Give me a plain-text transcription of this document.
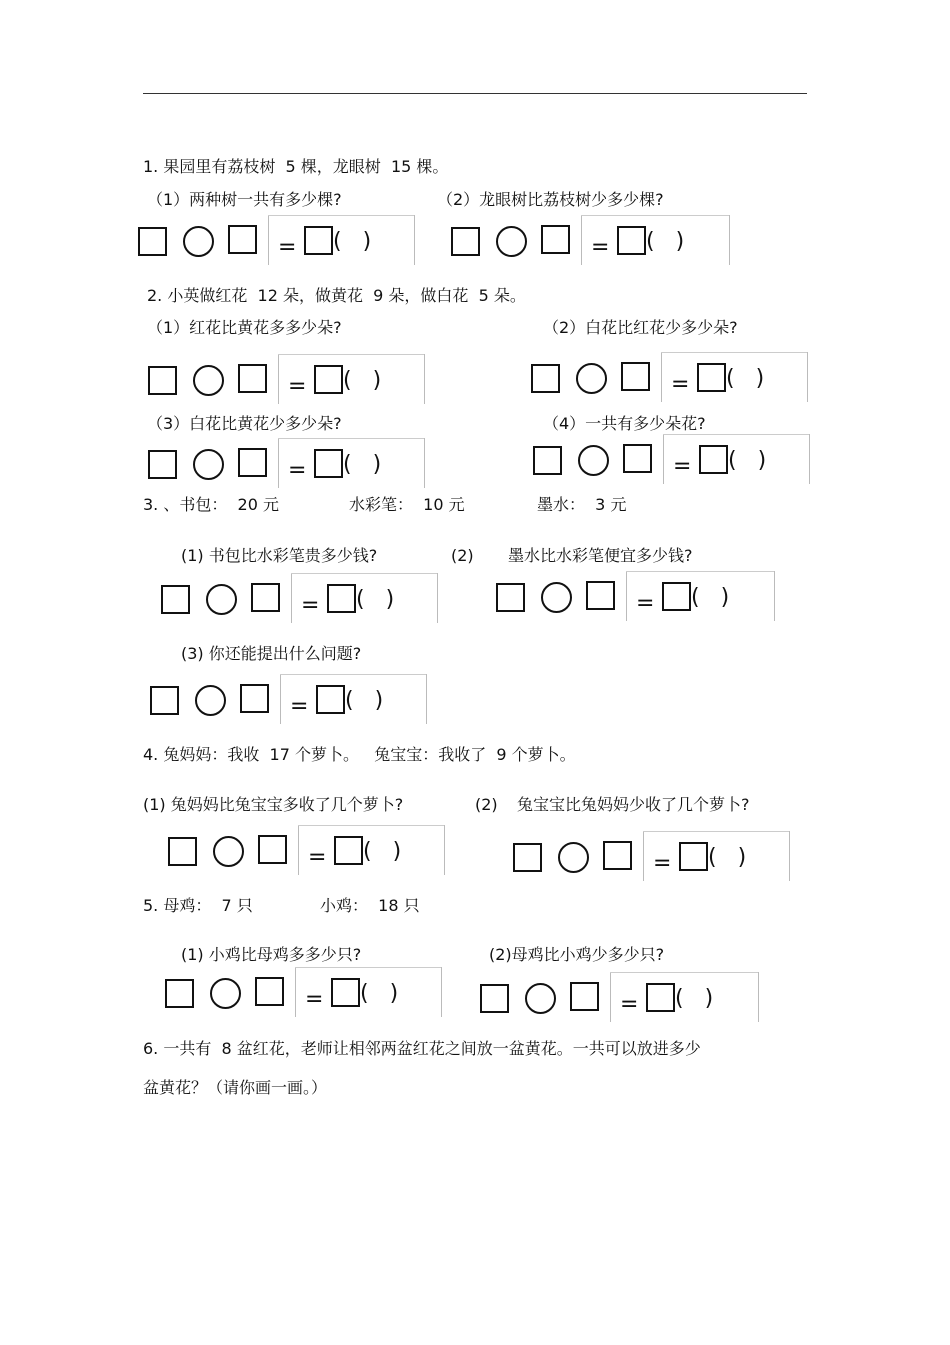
1. 果园里有荔枝树  5 棵，龙眼树  15 棵。
（1）两种树一共有多少棵?	（2）龙眼树比荔枝树少多少棵?
= (   )	= (   )
2. 小英做红花  12 朵，做黄花  9 朵，做白花  5 朵。
（1）红花比黄花多多少朵?	（2）白花比红花少多少朵?
= (   )	= (   )
（3）白花比黄花少多少朵?	（4）一共有多少朵花?
= (   )	= (   )
3. 、书包：  20 元	水彩笔：  10 元	墨水：  3 元
(1) 书包比水彩笔贵多少钱?	(2) 墨水比水彩笔便宜多少钱?
= (   )	= (   )
(3) 你还能提出什么问题?
= (   )
4. 兔妈妈：我收  17 个萝卜。   兔宝宝：我收了  9 个萝卜。
(1) 兔妈妈比兔宝宝多收了几个萝卜?	(2) 兔宝宝比兔妈妈少收了几个萝卜?
= (   )	= (   )
5. 母鸡：  7 只	小鸡：  18 只
(1) 小鸡比母鸡多多少只?	(2)母鸡比小鸡少多少只?
= (   )	= (   )
6. 一共有  8 盆红花，老师让相邻两盆红花之间放一盆黄花。一共可以放进多少
盆黄花？（请你画一画。）
